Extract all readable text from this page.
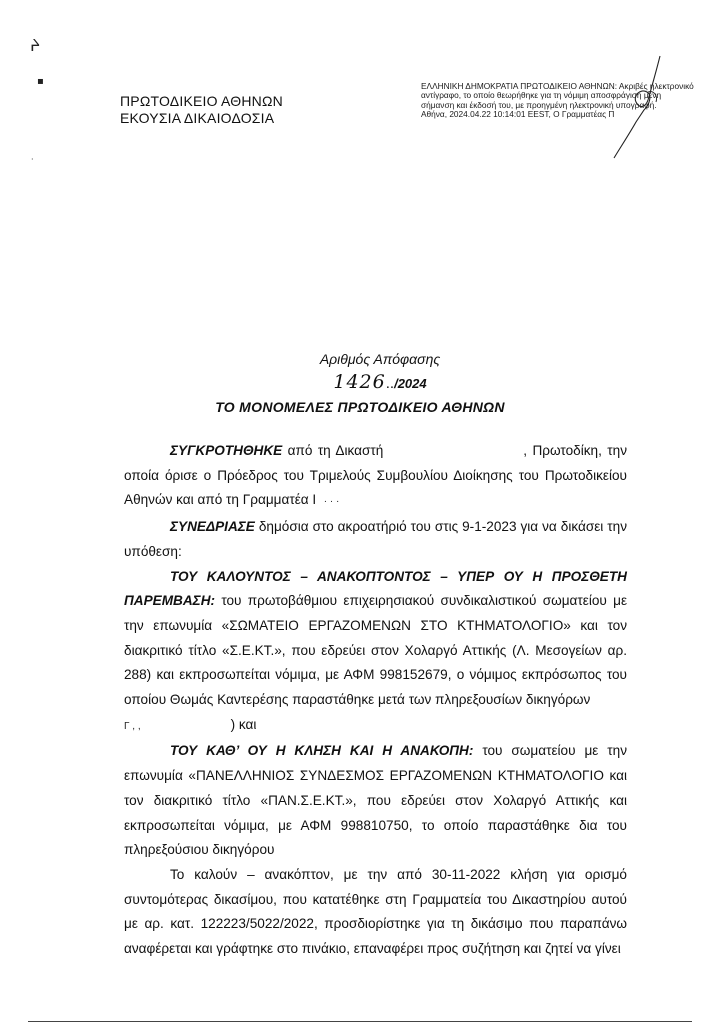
ᔨ
▪
·
ΠΡΩΤΟΔΙΚΕΙΟ ΑΘΗΝΩΝ
ΕΚΟΥΣΙΑ ΔΙΚΑΙΟΔΟΣΙΑ
ΕΛΛΗΝΙΚΗ ΔΗΜΟΚΡΑΤΙΑ ΠΡΩΤΟΔΙΚΕΙΟ ΑΘΗΝΩΝ: Ακριβές ηλεκτρονικό
αντίγραφο, το οποίο θεωρήθηκε για τη νόμιμη αποσφράγιση μένη
σήμανση και έκδοσή του, με προηγμένη ηλεκτρονική υπογραφή.
Αθήνα, 2024.04.22 10:14:01 EEST, Ο Γραμματέας Π
Αριθμός Απόφασης
1426../2024
ΤΟ ΜΟΝΟΜΕΛΕΣ ΠΡΩΤΟΔΙΚΕΙΟ ΑΘΗΝΩΝ

ΣΥΓΚΡΟΤΗΘΗΚΕ από τη Δικαστή	, Πρωτοδίκη, την οποία όρισε ο Πρόεδρος του Τριμελούς Συμβουλίου Διοίκησης του Πρωτοδικείου Αθηνών και από τη Γραμματέα Ι · · ·

ΣΥΝΕΔΡΙΑΣΕ δημόσια στο ακροατήριό του στις 9-1-2023 για να δικάσει την υπόθεση:

ΤΟΥ ΚΑΛΟΥΝΤΟΣ – ΑΝΑΚΟΠΤΟΝΤΟΣ – ΥΠΕΡ ΟΥ Η ΠΡΟΣΘΕΤΗ ΠΑΡΕΜΒΑΣΗ: του πρωτοβάθμιου επιχειρησιακού συνδικαλιστικού σωματείου με την επωνυμία «ΣΩΜΑΤΕΙΟ ΕΡΓΑΖΟΜΕΝΩΝ ΣΤΟ ΚΤΗΜΑΤΟΛΟΓΙΟ» και τον διακριτικό τίτλο «Σ.Ε.ΚΤ.», που εδρεύει στον Χολαργό Αττικής (Λ. Μεσογείων αρ. 288) και εκπροσωπείται νόμιμα, με ΑΦΜ 998152679, ο νόμιμος εκπρόσωπος του οποίου Θωμάς Καντερέσης παραστάθηκε μετά των πληρεξουσίων δικηγόρων
Γ , ,	) και

ΤΟΥ ΚΑΘ’ ΟΥ Η ΚΛΗΣΗ ΚΑΙ Η ΑΝΑΚΟΠΗ: του σωματείου με την επωνυμία «ΠΑΝΕΛΛΗΝΙΟΣ ΣΥΝΔΕΣΜΟΣ ΕΡΓΑΖΟΜΕΝΩΝ ΚΤΗΜΑΤΟΛΟΓΙΟ και τον διακριτικό τίτλο «ΠΑΝ.Σ.Ε.ΚΤ.», που εδρεύει στον Χολαργό Αττικής και εκπροσωπείται νόμιμα, με ΑΦΜ 998810750, το οποίο παραστάθηκε δια του πληρεξούσιου δικηγόρου

Το καλούν – ανακόπτον, με την από 30-11-2022 κλήση για ορισμό συντομότερας δικασίμου, που κατατέθηκε στη Γραμματεία του Δικαστηρίου αυτού με αρ. κατ. 122223/5022/2022, προσδιορίστηκε για τη δικάσιμο που παραπάνω αναφέρεται και γράφτηκε στο πινάκιο, επαναφέρει προς συζήτηση και ζητεί να γίνει
